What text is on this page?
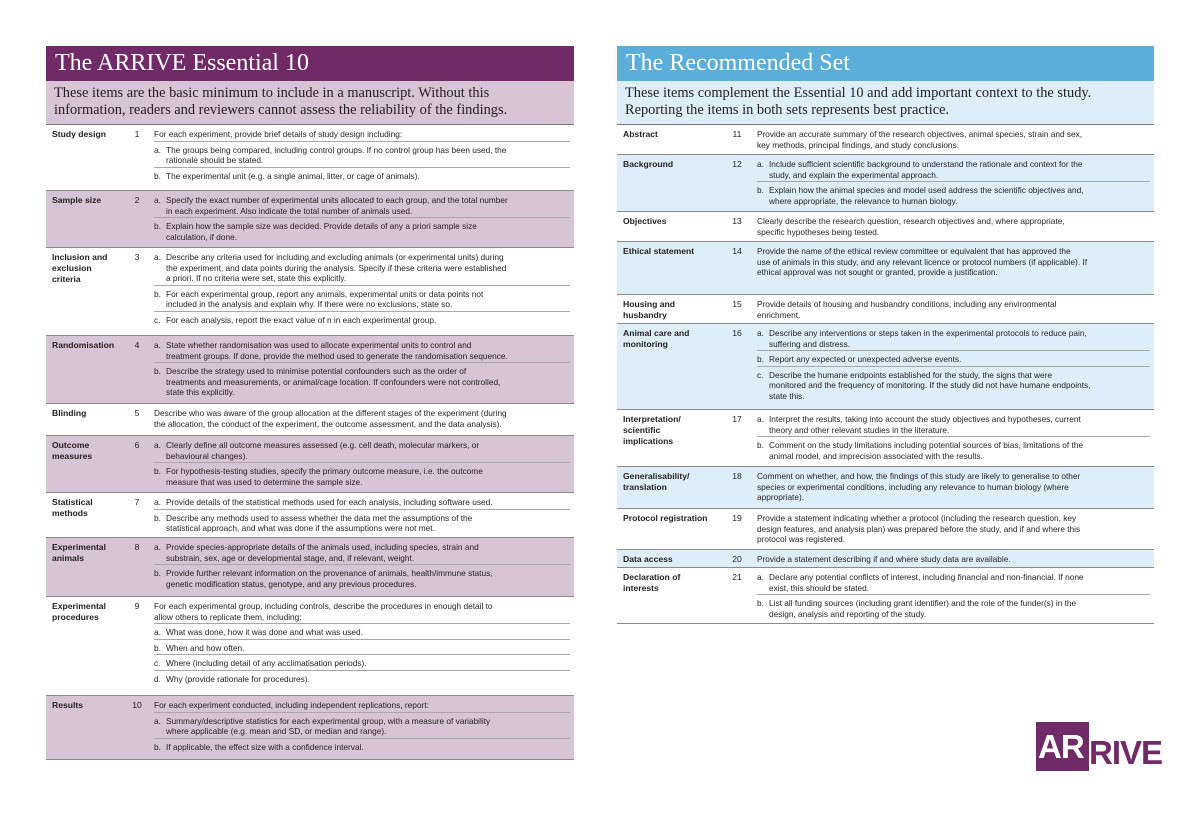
The ARRIVE Essential 10
These items are the basic minimum to include in a manuscript. Without this
information, readers and reviewers cannot assess the reliability of the findings.
Study design	1	For each experiment, provide brief details of study design including:
a. The groups being compared, including control groups. If no control group has been used, the
rationale should be stated.
b. The experimental unit (e.g. a single animal, litter, or cage of animals).
Sample size	2	a. Specify the exact number of experimental units allocated to each group, and the total number
in each experiment. Also indicate the total number of animals used.
b. Explain how the sample size was decided. Provide details of any a priori sample size
calculation, if done.
Inclusion and
exclusion
criteria
3	a. Describe any criteria used for including and excluding animals (or experimental units) during
the experiment, and data points during the analysis. Specify if these criteria were established
a priori. If no criteria were set, state this explicitly.
b. For each experimental group, report any animals, experimental units or data points not
included in the analysis and explain why. If there were no exclusions, state so.
c. For each analysis, report the exact value of n in each experimental group.
Randomisation	4	a. State whether randomisation was used to allocate experimental units to control and
treatment groups. If done, provide the method used to generate the randomisation sequence.
b. Describe the strategy used to minimise potential confounders such as the order of
treatments and measurements, or animal/cage location. If confounders were not controlled,
state this explicitly.
Blinding	5	Describe who was aware of the group allocation at the different stages of the experiment (during
the allocation, the conduct of the experiment, the outcome assessment, and the data analysis).
Outcome
measures
6	a. Clearly define all outcome measures assessed (e.g. cell death, molecular markers, or
behavioural changes).
b. For hypothesis-testing studies, specify the primary outcome measure, i.e. the outcome
measure that was used to determine the sample size.
Statistical
methods
7	a. Provide details of the statistical methods used for each analysis, including software used.
b. Describe any methods used to assess whether the data met the assumptions of the
statistical approach, and what was done if the assumptions were not met.
Experimental
animals
8	a. Provide species-appropriate details of the animals used, including species, strain and
substrain, sex, age or developmental stage, and, if relevant, weight.
b. Provide further relevant information on the provenance of animals, health/immune status,
genetic modification status, genotype, and any previous procedures.
Experimental
procedures
9	For each experimental group, including controls, describe the procedures in enough detail to
allow others to replicate them, including:
a. What was done, how it was done and what was used.
b. When and how often.
c. Where (including detail of any acclimatisation periods).
d. Why (provide rationale for procedures).
Results	10	For each experiment conducted, including independent replications, report:
a. Summary/descriptive statistics for each experimental group, with a measure of variability
where applicable (e.g. mean and SD, or median and range).
b. If applicable, the effect size with a confidence interval.
The Recommended Set
These items complement the Essential 10 and add important context to the study.
Reporting the items in both sets represents best practice.
Abstract	11	Provide an accurate summary of the research objectives, animal species, strain and sex,
key methods, principal findings, and study conclusions.
Background	12	a. Include sufficient scientific background to understand the rationale and context for the
study, and explain the experimental approach.
b. Explain how the animal species and model used address the scientific objectives and,
where appropriate, the relevance to human biology.
Objectives	13	Clearly describe the research question, research objectives and, where appropriate,
specific hypotheses being tested.
Ethical statement	14	Provide the name of the ethical review committee or equivalent that has approved the
use of animals in this study, and any relevant licence or protocol numbers (if applicable). If
ethical approval was not sought or granted, provide a justification.
Housing and
husbandry
15	Provide details of housing and husbandry conditions, including any environmental
enrichment.
Animal care and
monitoring
16	a. Describe any interventions or steps taken in the experimental protocols to reduce pain,
suffering and distress.
b. Report any expected or unexpected adverse events.
c. Describe the humane endpoints established for the study, the signs that were
monitored and the frequency of monitoring. If the study did not have humane endpoints,
state this.
Interpretation/
scientific
implications
17	a. Interpret the results, taking into account the study objectives and hypotheses, current
theory and other relevant studies in the literature.
b. Comment on the study limitations including potential sources of bias, limitations of the
animal model, and imprecision associated with the results.
Generalisability/
translation
18	Comment on whether, and how, the findings of this study are likely to generalise to other
species or experimental conditions, including any relevance to human biology (where
appropriate).
Protocol registration	19	Provide a statement indicating whether a protocol (including the research question, key
design features, and analysis plan) was prepared before the study, and if and where this
protocol was registered.
Data access	20	Provide a statement describing if and where study data are available.
Declaration of
interests
21	a. Declare any potential conflicts of interest, including financial and non-financial. If none
exist, this should be stated.
b. List all funding sources (including grant identifier) and the role of the funder(s) in the
design, analysis and reporting of the study.
AR RIVE
